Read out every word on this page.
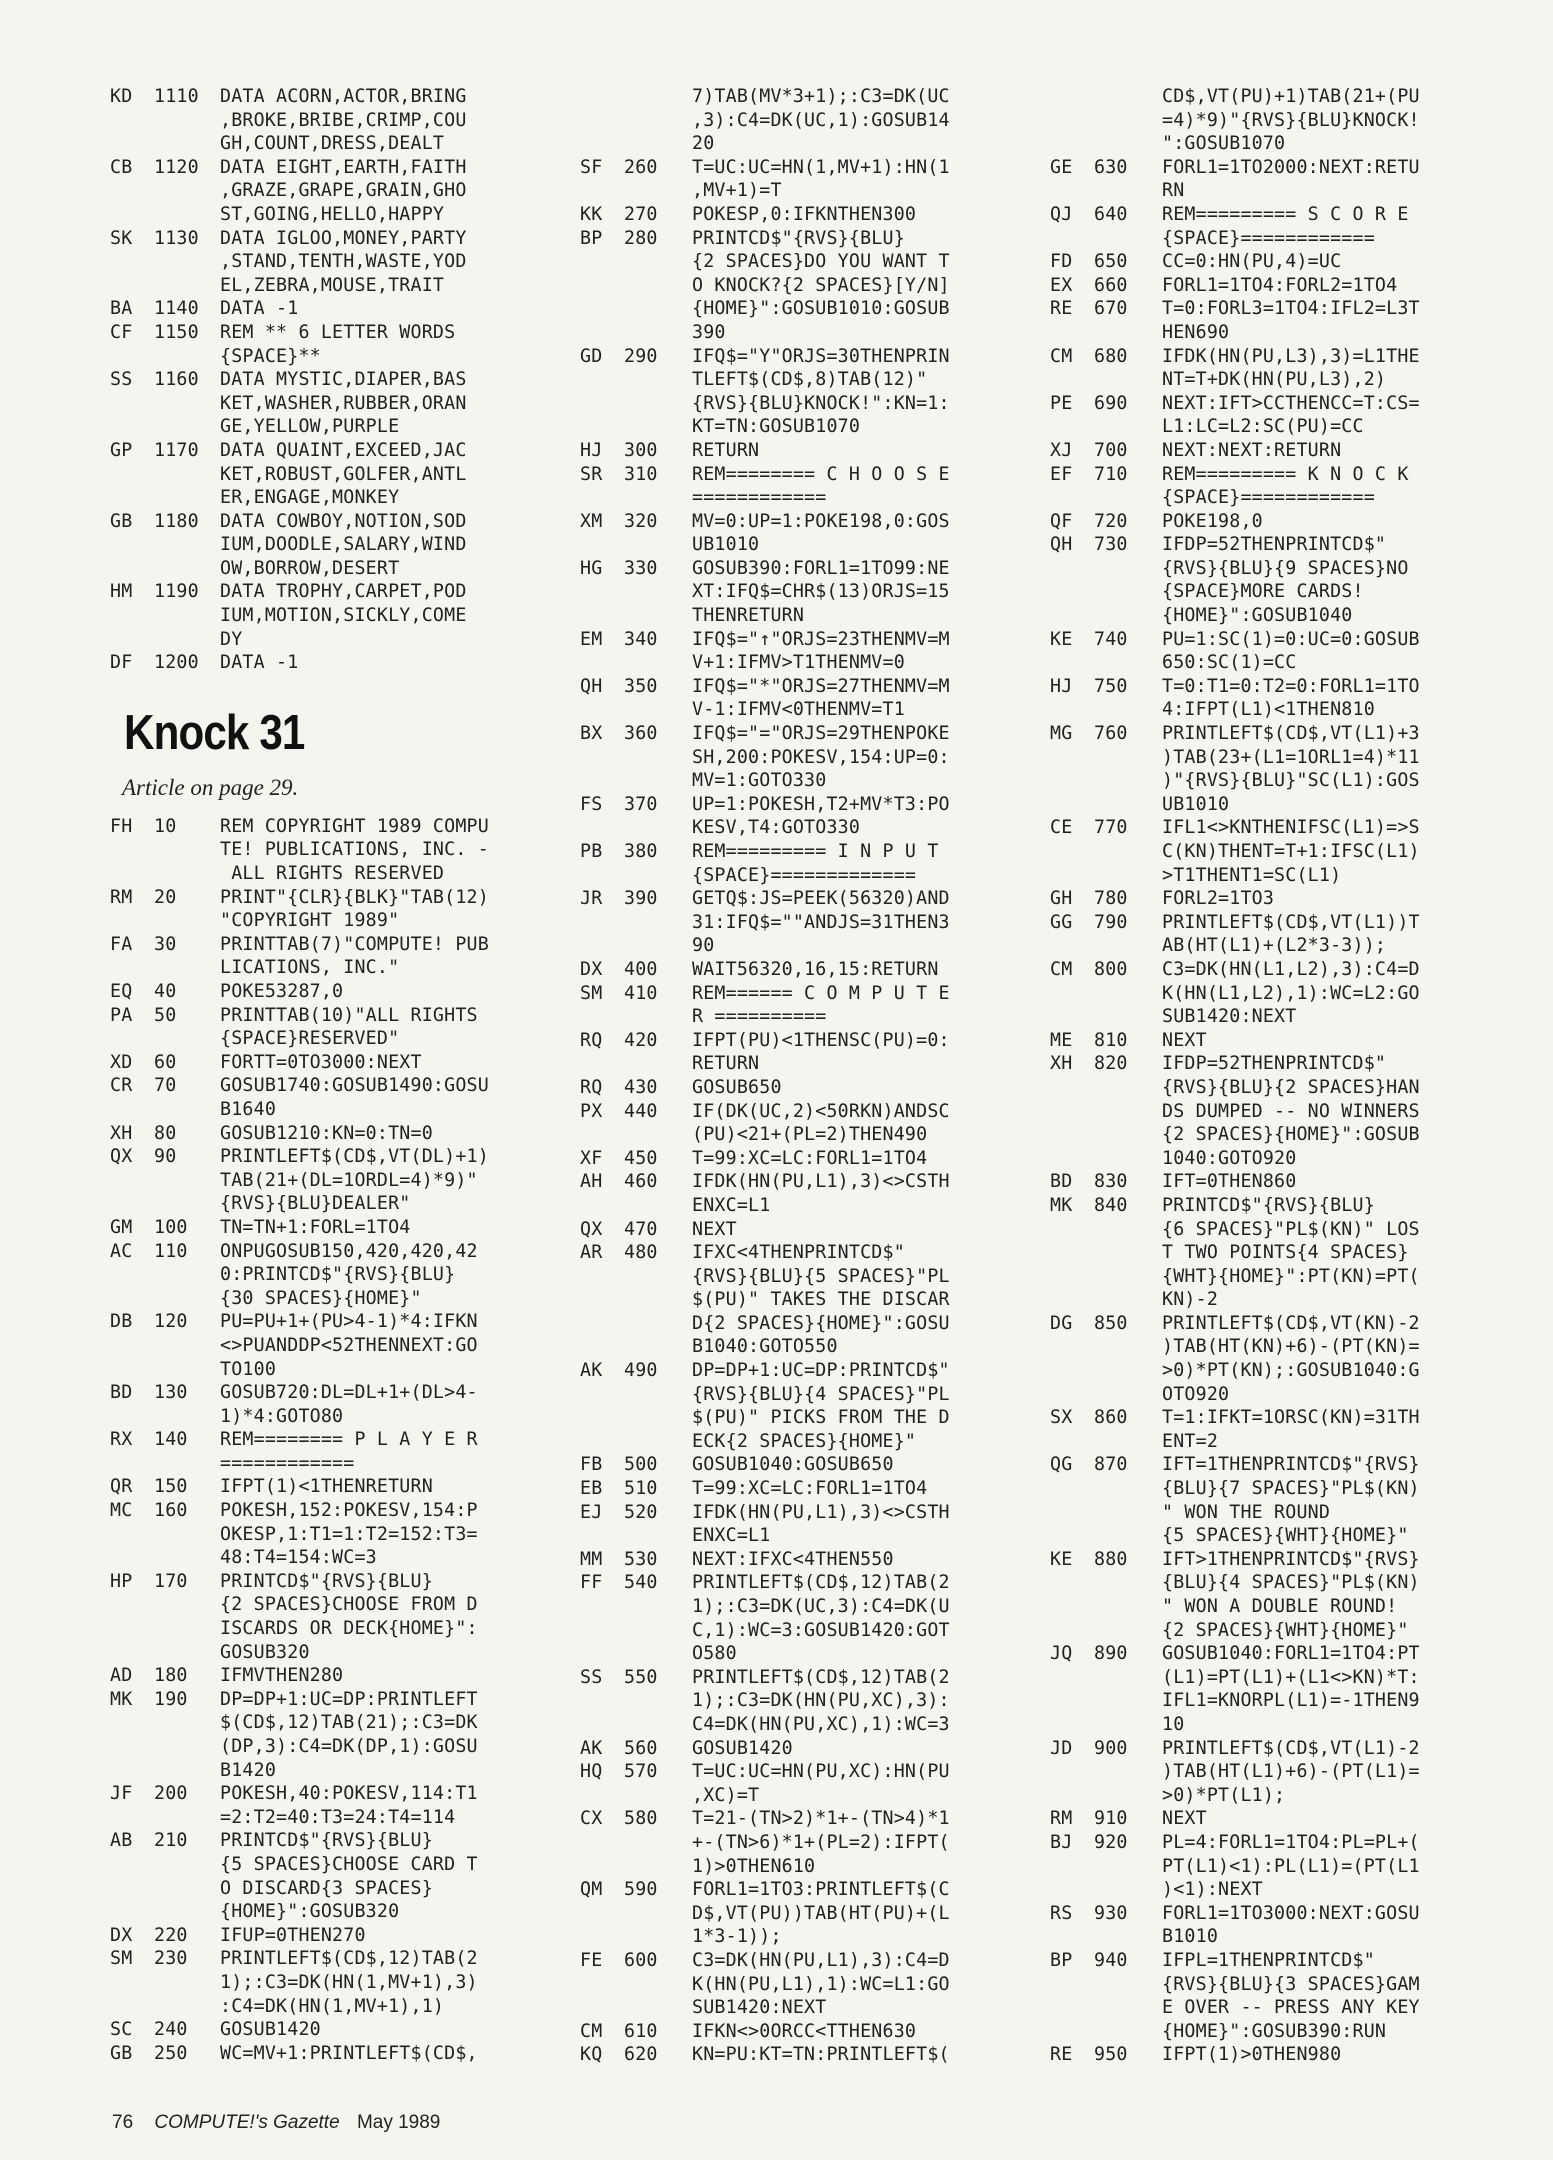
KD	1110	DATA ACORN,ACTOR,BRING
,BROKE,BRIBE,CRIMP,COU
GH,COUNT,DRESS,DEALT
CB	1120	DATA EIGHT,EARTH,FAITH
,GRAZE,GRAPE,GRAIN,GHO
ST,GOING,HELLO,HAPPY
SK	1130	DATA IGLOO,MONEY,PARTY
,STAND,TENTH,WASTE,YOD
EL,ZEBRA,MOUSE,TRAIT
BA	1140	DATA -1
CF	1150	REM ** 6 LETTER WORDS
{SPACE}**
SS	1160	DATA MYSTIC,DIAPER,BAS
KET,WASHER,RUBBER,ORAN
GE,YELLOW,PURPLE
GP	1170	DATA QUAINT,EXCEED,JAC
KET,ROBUST,GOLFER,ANTL
ER,ENGAGE,MONKEY
GB	1180	DATA COWBOY,NOTION,SOD
IUM,DOODLE,SALARY,WIND
OW,BORROW,DESERT
HM	1190	DATA TROPHY,CARPET,POD
IUM,MOTION,SICKLY,COME
DY
DF	1200	DATA -1
Knock 31
Article on page 29.
FH	10	REM COPYRIGHT 1989 COMPU
TE! PUBLICATIONS, INC. -
ALL RIGHTS RESERVED
RM	20	PRINT"{CLR}{BLK}"TAB(12)
"COPYRIGHT 1989"
FA	30	PRINTTAB(7)"COMPUTE! PUB
LICATIONS, INC."
EQ	40	POKE53287,0
PA	50	PRINTTAB(10)"ALL RIGHTS
{SPACE}RESERVED"
XD	60	FORTT=0TO3000:NEXT
CR	70	GOSUB1740:GOSUB1490:GOSU
B1640
XH	80	GOSUB1210:KN=0:TN=0
QX	90	PRINTLEFT$(CD$,VT(DL)+1)
TAB(21+(DL=1ORDL=4)*9)"
{RVS}{BLU}DEALER"
GM	100	TN=TN+1:FORL=1TO4
AC	110	ONPUGOSUB150,420,420,42
0:PRINTCD$"{RVS}{BLU}
{30 SPACES}{HOME}"
DB	120	PU=PU+1+(PU>4-1)*4:IFKN
<>PUANDDP<52THENNEXT:GO
TO100
BD	130	GOSUB720:DL=DL+1+(DL>4-
1)*4:GOTO80
RX	140	REM======== P L A Y E R
============
QR	150	IFPT(1)<1THENRETURN
MC	160	POKESH,152:POKESV,154:P
OKESP,1:T1=1:T2=152:T3=
48:T4=154:WC=3
HP	170	PRINTCD$"{RVS}{BLU}
{2 SPACES}CHOOSE FROM D
ISCARDS OR DECK{HOME}":
GOSUB320
AD	180	IFMVTHEN280
MK	190	DP=DP+1:UC=DP:PRINTLEFT
$(CD$,12)TAB(21);:C3=DK
(DP,3):C4=DK(DP,1):GOSU
B1420
JF	200	POKESH,40:POKESV,114:T1
=2:T2=40:T3=24:T4=114
AB	210	PRINTCD$"{RVS}{BLU}
{5 SPACES}CHOOSE CARD T
O DISCARD{3 SPACES}
{HOME}":GOSUB320
DX	220	IFUP=0THEN270
SM	230	PRINTLEFT$(CD$,12)TAB(2
1);:C3=DK(HN(1,MV+1),3)
:C4=DK(HN(1,MV+1),1)
SC	240	GOSUB1420
GB	250	WC=MV+1:PRINTLEFT$(CD$,
7)TAB(MV*3+1);:C3=DK(UC
,3):C4=DK(UC,1):GOSUB14
20
SF	260	T=UC:UC=HN(1,MV+1):HN(1
,MV+1)=T
KK	270	POKESP,0:IFKNTHEN300
BP	280	PRINTCD$"{RVS}{BLU}
{2 SPACES}DO YOU WANT T
O KNOCK?{2 SPACES}[Y/N]
{HOME}":GOSUB1010:GOSUB
390
GD	290	IFQ$="Y"ORJS=30THENPRIN
TLEFT$(CD$,8)TAB(12)"
{RVS}{BLU}KNOCK!":KN=1:
KT=TN:GOSUB1070
HJ	300	RETURN
SR	310	REM======== C H O O S E
============
XM	320	MV=0:UP=1:POKE198,0:GOS
UB1010
HG	330	GOSUB390:FORL1=1TO99:NE
XT:IFQ$=CHR$(13)ORJS=15
THENRETURN
EM	340	IFQ$="↑"ORJS=23THENMV=M
V+1:IFMV>T1THENMV=0
QH	350	IFQ$="*"ORJS=27THENMV=M
V-1:IFMV<0THENMV=T1
BX	360	IFQ$="="ORJS=29THENPOKE
SH,200:POKESV,154:UP=0:
MV=1:GOTO330
FS	370	UP=1:POKESH,T2+MV*T3:PO
KESV,T4:GOTO330
PB	380	REM========= I N P U T
{SPACE}=============
JR	390	GETQ$:JS=PEEK(56320)AND
31:IFQ$=""ANDJS=31THEN3
90
DX	400	WAIT56320,16,15:RETURN
SM	410	REM====== C O M P U T E
R ==========
RQ	420	IFPT(PU)<1THENSC(PU)=0:
RETURN
RQ	430	GOSUB650
PX	440	IF(DK(UC,2)<50RKN)ANDSC
(PU)<21+(PL=2)THEN490
XF	450	T=99:XC=LC:FORL1=1TO4
AH	460	IFDK(HN(PU,L1),3)<>CSTH
ENXC=L1
QX	470	NEXT
AR	480	IFXC<4THENPRINTCD$"
{RVS}{BLU}{5 SPACES}"PL
$(PU)" TAKES THE DISCAR
D{2 SPACES}{HOME}":GOSU
B1040:GOTO550
AK	490	DP=DP+1:UC=DP:PRINTCD$"
{RVS}{BLU}{4 SPACES}"PL
$(PU)" PICKS FROM THE D
ECK{2 SPACES}{HOME}"
FB	500	GOSUB1040:GOSUB650
EB	510	T=99:XC=LC:FORL1=1TO4
EJ	520	IFDK(HN(PU,L1),3)<>CSTH
ENXC=L1
MM	530	NEXT:IFXC<4THEN550
FF	540	PRINTLEFT$(CD$,12)TAB(2
1);:C3=DK(UC,3):C4=DK(U
C,1):WC=3:GOSUB1420:GOT
O580
SS	550	PRINTLEFT$(CD$,12)TAB(2
1);:C3=DK(HN(PU,XC),3):
C4=DK(HN(PU,XC),1):WC=3
AK	560	GOSUB1420
HQ	570	T=UC:UC=HN(PU,XC):HN(PU
,XC)=T
CX	580	T=21-(TN>2)*1+-(TN>4)*1
+-(TN>6)*1+(PL=2):IFPT(
1)>0THEN610
QM	590	FORL1=1TO3:PRINTLEFT$(C
D$,VT(PU))TAB(HT(PU)+(L
1*3-1));
FE	600	C3=DK(HN(PU,L1),3):C4=D
K(HN(PU,L1),1):WC=L1:GO
SUB1420:NEXT
CM	610	IFKN<>0ORCC<TTHEN630
KQ	620	KN=PU:KT=TN:PRINTLEFT$(
CD$,VT(PU)+1)TAB(21+(PU
=4)*9)"{RVS}{BLU}KNOCK!
":GOSUB1070
GE	630	FORL1=1TO2000:NEXT:RETU
RN
QJ	640	REM========= S C O R E
{SPACE}============
FD	650	CC=0:HN(PU,4)=UC
EX	660	FORL1=1TO4:FORL2=1TO4
RE	670	T=0:FORL3=1TO4:IFL2=L3T
HEN690
CM	680	IFDK(HN(PU,L3),3)=L1THE
NT=T+DK(HN(PU,L3),2)
PE	690	NEXT:IFT>CCTHENCC=T:CS=
L1:LC=L2:SC(PU)=CC
XJ	700	NEXT:NEXT:RETURN
EF	710	REM========= K N O C K
{SPACE}============
QF	720	POKE198,0
QH	730	IFDP=52THENPRINTCD$"
{RVS}{BLU}{9 SPACES}NO
{SPACE}MORE CARDS!
{HOME}":GOSUB1040
KE	740	PU=1:SC(1)=0:UC=0:GOSUB
650:SC(1)=CC
HJ	750	T=0:T1=0:T2=0:FORL1=1TO
4:IFPT(L1)<1THEN810
MG	760	PRINTLEFT$(CD$,VT(L1)+3
)TAB(23+(L1=1ORL1=4)*11
)"{RVS}{BLU}"SC(L1):GOS
UB1010
CE	770	IFL1<>KNTHENIFSC(L1)=>S
C(KN)THENT=T+1:IFSC(L1)
>T1THENT1=SC(L1)
GH	780	FORL2=1TO3
GG	790	PRINTLEFT$(CD$,VT(L1))T
AB(HT(L1)+(L2*3-3));
CM	800	C3=DK(HN(L1,L2),3):C4=D
K(HN(L1,L2),1):WC=L2:GO
SUB1420:NEXT
ME	810	NEXT
XH	820	IFDP=52THENPRINTCD$"
{RVS}{BLU}{2 SPACES}HAN
DS DUMPED -- NO WINNERS
{2 SPACES}{HOME}":GOSUB
1040:GOTO920
BD	830	IFT=0THEN860
MK	840	PRINTCD$"{RVS}{BLU}
{6 SPACES}"PL$(KN)" LOS
T TWO POINTS{4 SPACES}
{WHT}{HOME}":PT(KN)=PT(
KN)-2
DG	850	PRINTLEFT$(CD$,VT(KN)-2
)TAB(HT(KN)+6)-(PT(KN)=
>0)*PT(KN);:GOSUB1040:G
OTO920
SX	860	T=1:IFKT=1ORSC(KN)=31TH
ENT=2
QG	870	IFT=1THENPRINTCD$"{RVS}
{BLU}{7 SPACES}"PL$(KN)
" WON THE ROUND
{5 SPACES}{WHT}{HOME}"
KE	880	IFT>1THENPRINTCD$"{RVS}
{BLU}{4 SPACES}"PL$(KN)
" WON A DOUBLE ROUND!
{2 SPACES}{WHT}{HOME}"
JQ	890	GOSUB1040:FORL1=1TO4:PT
(L1)=PT(L1)+(L1<>KN)*T:
IFL1=KNORPL(L1)=-1THEN9
10
JD	900	PRINTLEFT$(CD$,VT(L1)-2
)TAB(HT(L1)+6)-(PT(L1)=
>0)*PT(L1);
RM	910	NEXT
BJ	920	PL=4:FORL1=1TO4:PL=PL+(
PT(L1)<1):PL(L1)=(PT(L1
)<1):NEXT
RS	930	FORL1=1TO3000:NEXT:GOSU
B1010
BP	940	IFPL=1THENPRINTCD$"
{RVS}{BLU}{3 SPACES}GAM
E OVER -- PRESS ANY KEY
{HOME}":GOSUB390:RUN
RE	950	IFPT(1)>0THEN980
76 COMPUTE!'s Gazette May 1989
